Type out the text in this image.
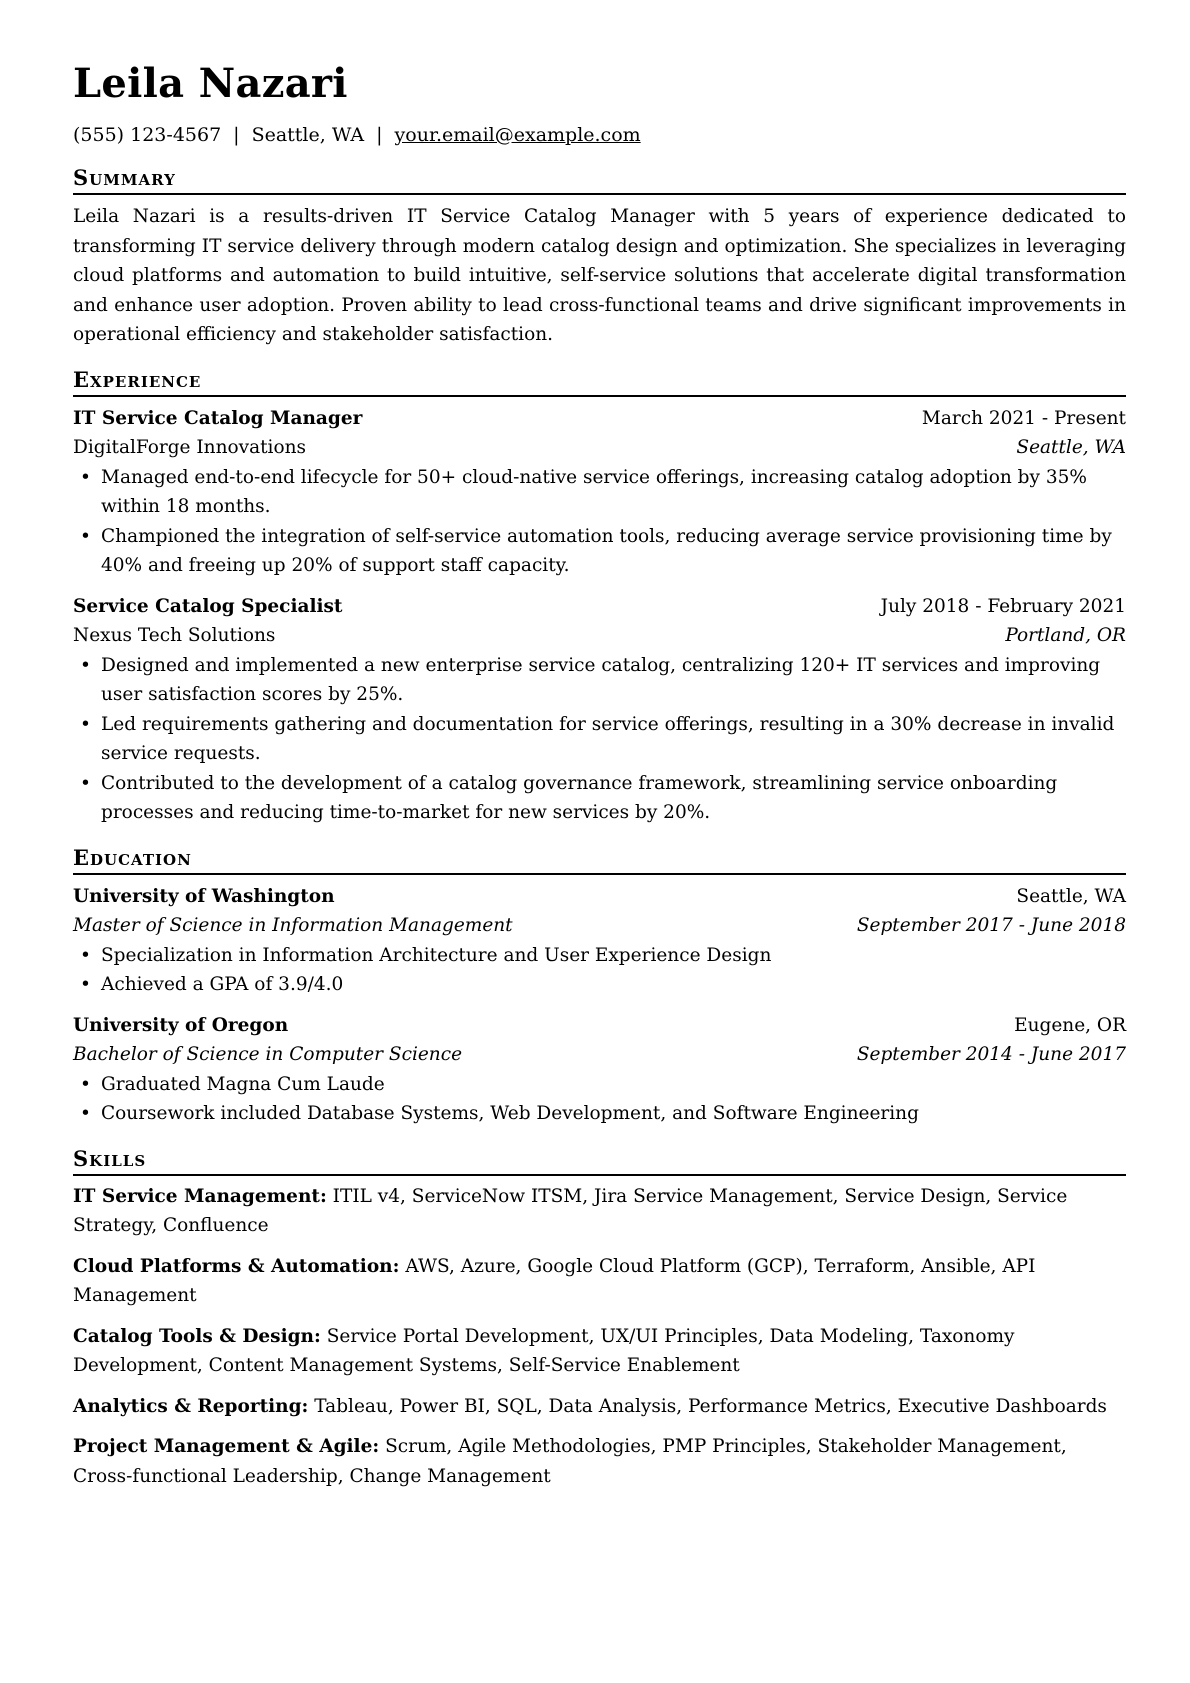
Leila Nazari
(555) 123-4567 | Seattle, WA | your.email@example.com
Summary
Leila Nazari is a results-driven IT Service Catalog Manager with 5 years of experience dedicated to transforming IT service delivery through modern catalog design and optimization. She specializes in leveraging cloud platforms and automation to build intuitive, self-service solutions that accelerate digital transformation and enhance user adoption. Proven ability to lead cross-functional teams and drive significant improvements in operational efficiency and stakeholder satisfaction.
Experience
IT Service Catalog Manager	March 2021 - Present
DigitalForge Innovations	Seattle, WA
• Managed end-to-end lifecycle for 50+ cloud-native service offerings, increasing catalog adoption by 35% within 18 months.
• Championed the integration of self-service automation tools, reducing average service provisioning time by 40% and freeing up 20% of support staff capacity.
Service Catalog Specialist	July 2018 - February 2021
Nexus Tech Solutions	Portland, OR
• Designed and implemented a new enterprise service catalog, centralizing 120+ IT services and improving user satisfaction scores by 25%.
• Led requirements gathering and documentation for service offerings, resulting in a 30% decrease in invalid service requests.
• Contributed to the development of a catalog governance framework, streamlining service onboarding processes and reducing time-to-market for new services by 20%.
Education
University of Washington	Seattle, WA
Master of Science in Information Management	September 2017 - June 2018
• Specialization in Information Architecture and User Experience Design
• Achieved a GPA of 3.9/4.0
University of Oregon	Eugene, OR
Bachelor of Science in Computer Science	September 2014 - June 2017
• Graduated Magna Cum Laude
• Coursework included Database Systems, Web Development, and Software Engineering
Skills
IT Service Management: ITIL v4, ServiceNow ITSM, Jira Service Management, Service Design, Service Strategy, Confluence
Cloud Platforms & Automation: AWS, Azure, Google Cloud Platform (GCP), Terraform, Ansible, API Management
Catalog Tools & Design: Service Portal Development, UX/UI Principles, Data Modeling, Taxonomy Development, Content Management Systems, Self-Service Enablement
Analytics & Reporting: Tableau, Power BI, SQL, Data Analysis, Performance Metrics, Executive Dashboards
Project Management & Agile: Scrum, Agile Methodologies, PMP Principles, Stakeholder Management, Cross-functional Leadership, Change Management
